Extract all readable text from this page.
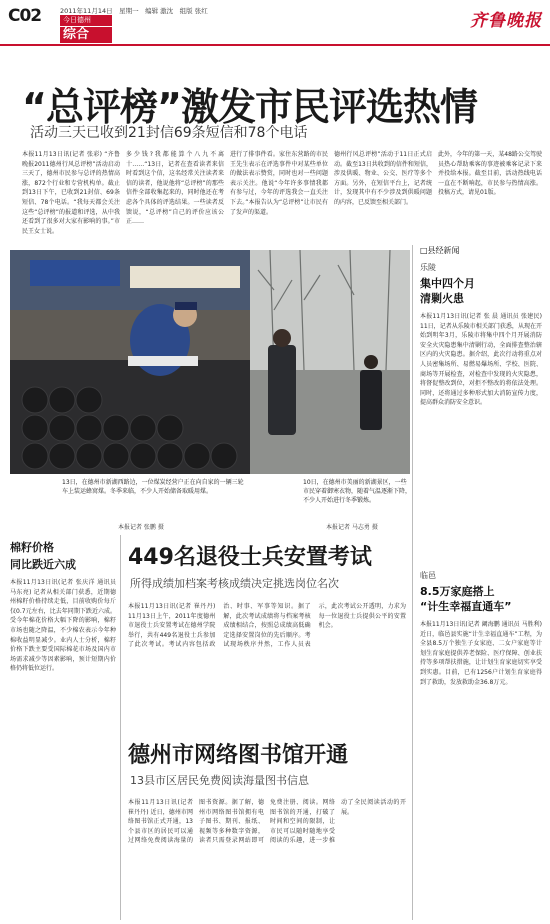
C02	2011年11月14日　星期一　编辑 激沈　组版 张红
今日德州
综合
齐鲁晚报
“总评榜”激发市民评选热情
活动三天已收到21封信69条短信和78个电话
本报11月13日讯(记者 张彩) “齐鲁晚报2011德州行风总评榜”活动启动三天了，德州市民参与总评的热情高涨，872个行业和专营机构单。截止到13日下午，已收到21封信、69条短信、78个电话。“我每天都会关注这些“总评榜”的报道和评选，从中我还看到了很多对大家有影响的事。”市民王女士说。
多少钱?我都能算个八九不离十……“13日，记者在查看读者来信时看到这个信，这名经常关注读者来信的读者，他说他将“总评榜”的那些信件全部收集起来的，同时他还在考虑各个具体的评选结果。一些读者反馈说，“总评榜”自己的评价应该公正……
进行了排事件看。家住东营路的市民王先生表示在评选事件中对某些单位的做法表示赞赏，同时也对一些问题表示关注。他说“今年许多事情我都有参与过，今年的评选我会一直关注下去。”本报告认为“总评榜”让市民有了发声的渠道。
德州行风总评榜”活动于11日正式启动。截至13日共收到的信件和短信，涉及供暖、物业、公交、医疗等多个方面。另外，在短信平台上，记者统计，发现其中有不少涉及到供暖问题的内容，已反馈至相关部门。
此外，今年的第一天，某48路公交驾驶员热心帮助乘客的事迹被乘客记录下来并投给本报。截至目前，活动热线电话一直在不断响起，市民参与热情高涨。投稿方式，请见01版。
13日，在德州市新湖西路边，一位煤炭经营户正在向自家的一辆三轮车上装运蜂窝煤。冬季来临，不少人开始储备取暖用煤。
本报记者 张鹏 摄
10日，在德州市美丽的新湖景区，一些市民穿着御寒衣物，随着气温逐渐下降，不少人开始进行冬季锻炼。
本报记者 马志勇 摄
□县经新闻
乐陵
集中四个月
清剿火患
本报11月13日讯(记者 张 晨 通讯员 张建民) 11日，记者从乐陵市相关部门获悉，从现在开始到明年3月，乐陵市将集中四个月开展消防安全火灾隐患集中清剿行动，全面排查整治辖区内的火灾隐患。据介绍，此次行动将重点对人员密集场所、易燃易爆场所、学校、医院、商场等开展检查，对检查中发现的火灾隐患，将督促整改到位，对拒不整改的将依法处理。同时，还将通过多种形式加大消防宣传力度，提高群众消防安全意识。
临邑
8.5万家庭搭上
“计生幸福直通车”
本报11月13日讯(记者 阚海鹏 通讯员 马胜利) 近日，临邑县实施“计生幸福直通车”工程，为全县8.5万个独生子女家庭、二女户家庭等计划生育家庭提供养老保险、医疗保障、创业扶持等多项帮扶措施，让计划生育家庭切实享受到实惠。目前，已有1256户计划生育家庭得到了救助，发放救助金36.8万元。
棉籽价格
同比跌近六成
本报11月13日讯(记者 张庆洋 通讯员 马东亮) 记者从相关部门获悉，近期德州棉籽价格持续走低，目前收购价每斤仅0.7元左右，比去年同期下跌近六成。受今年棉花价格大幅下降的影响，棉籽市场也随之降温，不少棉农表示今年种棉收益明显减少。业内人士分析，棉籽价格下跌主要受国际棉花市场及国内市场需求减少等因素影响，预计短期内价格仍将低位运行。
449名退役士兵安置考试
所得成绩加档案考核成绩决定挑选岗位名次
本报11月13日讯(记者 崔丹丹) 11月13日上午，2011年度德州市退役士兵安置考试在德州学院举行，共有449名退役士兵参加了此次考试。考试内容包括政治、时事、军事等知识。据了解，此次考试成绩将与档案考核成绩相结合，按照总成绩高低确定选择安置岗位的先后顺序。考试现场秩序井然，工作人员表示，此次考试公开透明，力求为每一位退役士兵提供公平的安置机会。
德州市网络图书馆开通
13县市区居民免费阅读海量图书信息
本报11月13日讯(记者 崔丹丹) 近日，德州市网络图书馆正式开通，13个县市区的居民可以通过网络免费阅读海量的图书资源。据了解，德州市网络图书馆拥有电子图书、期刊、报纸、视频等多种数字资源，读者只需登录网站即可免费注册、阅读。网络图书馆的开通，打破了时间和空间的限制，让市民可以随时随地享受阅读的乐趣，进一步推动了全民阅读活动的开展。
